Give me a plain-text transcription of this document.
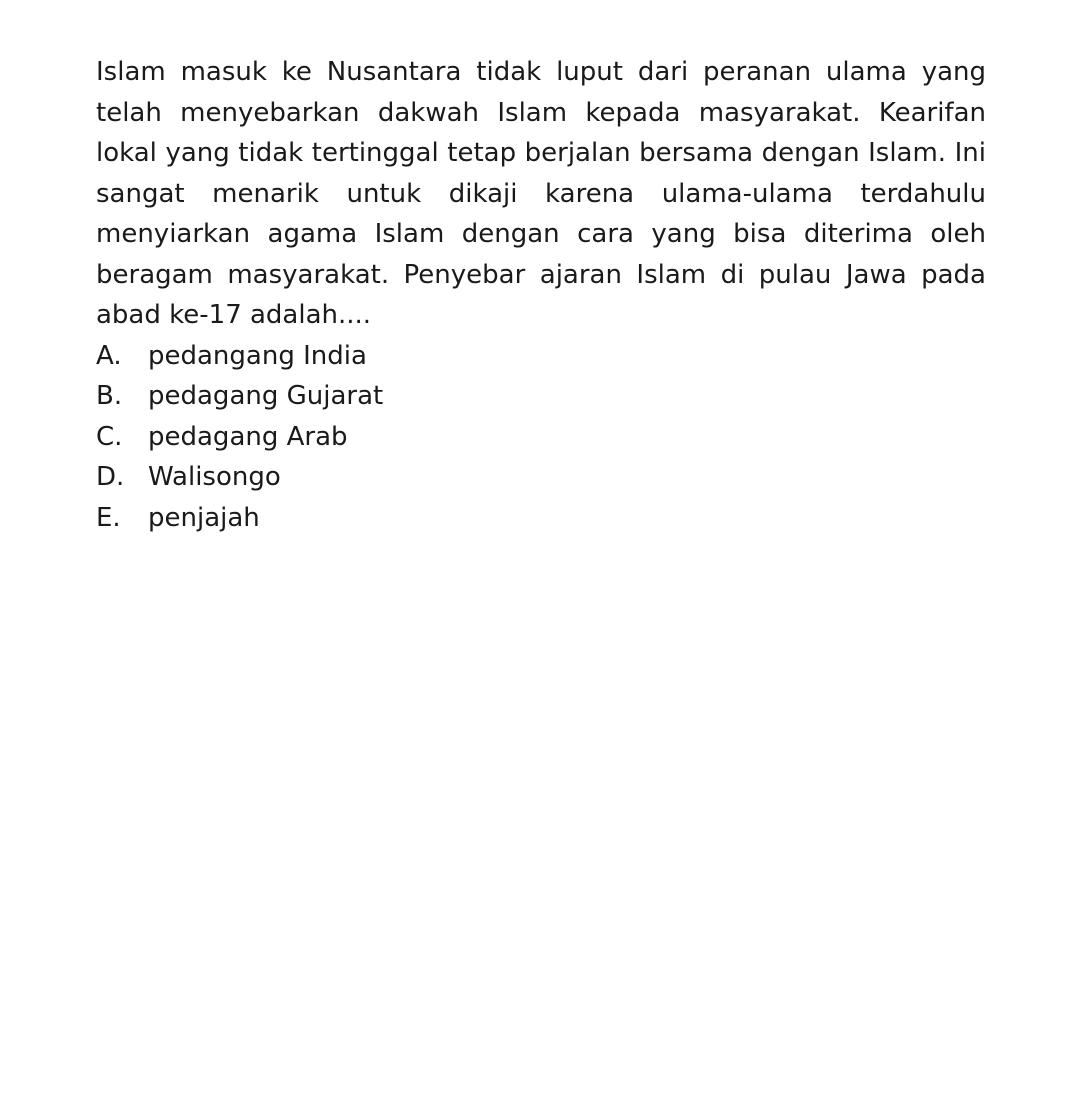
Islam masuk ke Nusantara tidak luput dari peranan ulama yang telah menyebarkan dakwah Islam kepada masyarakat. Kearifan lokal yang tidak tertinggal tetap berjalan bersama dengan Islam. Ini sangat menarik untuk dikaji karena ulama-ulama terdahulu menyiarkan agama Islam dengan cara yang bisa diterima oleh beragam masyarakat. Penyebar ajaran Islam di pulau Jawa pada abad ke-17 adalah....

A.	pedangang India
B. pedagang Gujarat
C. pedagang Arab
D. Walisongo
E.	penjajah
